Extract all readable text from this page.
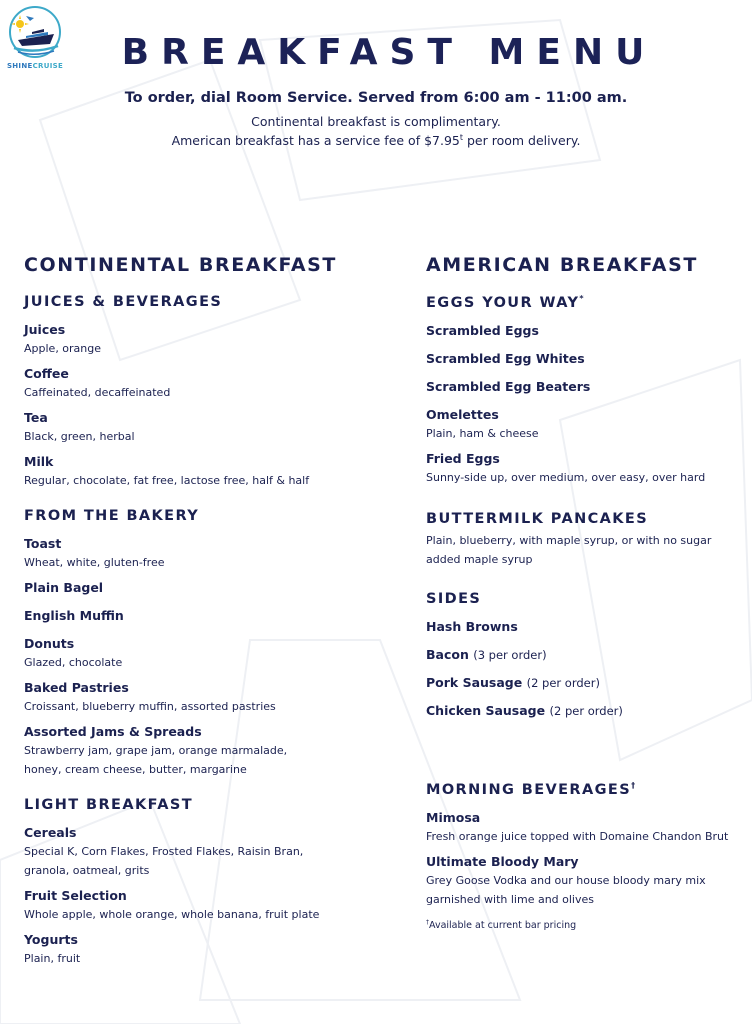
SHINECRUISE	BREAKFAST MENU
To order, dial Room Service. Served from 6:00 am - 11:00 am.
Continental breakfast is complimentary.
American breakfast has a service fee of $7.95$^t$ per room delivery.
CONTINENTAL BREAKFAST
JUICES & BEVERAGES
Juices
Apple, orange
Coffee
Caffeinated, decaffeinated
Tea
Black, green, herbal
Milk
Regular, chocolate, fat free, lactose free, half & half
FROM THE BAKERY
Toast
Wheat, white, gluten-free
Plain Bagel
English Muffin
Donuts
Glazed, chocolate
Baked Pastries
Croissant, blueberry muffin, assorted pastries
Assorted Jams & Spreads
Strawberry jam, grape jam, orange marmalade,
honey, cream cheese, butter, margarine
LIGHT BREAKFAST
Cereals
Special K, Corn Flakes, Frosted Flakes, Raisin Bran,
granola, oatmeal, grits
Fruit Selection
Whole apple, whole orange, whole banana, fruit plate
Yogurts
Plain, fruit
AMERICAN BREAKFAST
EGGS YOUR WAY*
Scrambled Eggs
Scrambled Egg Whites
Scrambled Egg Beaters
Omelettes
Plain, ham & cheese
Fried Eggs
Sunny-side up, over medium, over easy, over hard
BUTTERMILK PANCAKES
Plain, blueberry, with maple syrup, or with no sugar
added maple syrup
SIDES
Hash Browns
Bacon (3 per order)
Pork Sausage (2 per order)
Chicken Sausage (2 per order)
MORNING BEVERAGES†
Mimosa
Fresh orange juice topped with Domaine Chandon Brut
Ultimate Bloody Mary
Grey Goose Vodka and our house bloody mary mix
garnished with lime and olives
†Available at current bar pricing
